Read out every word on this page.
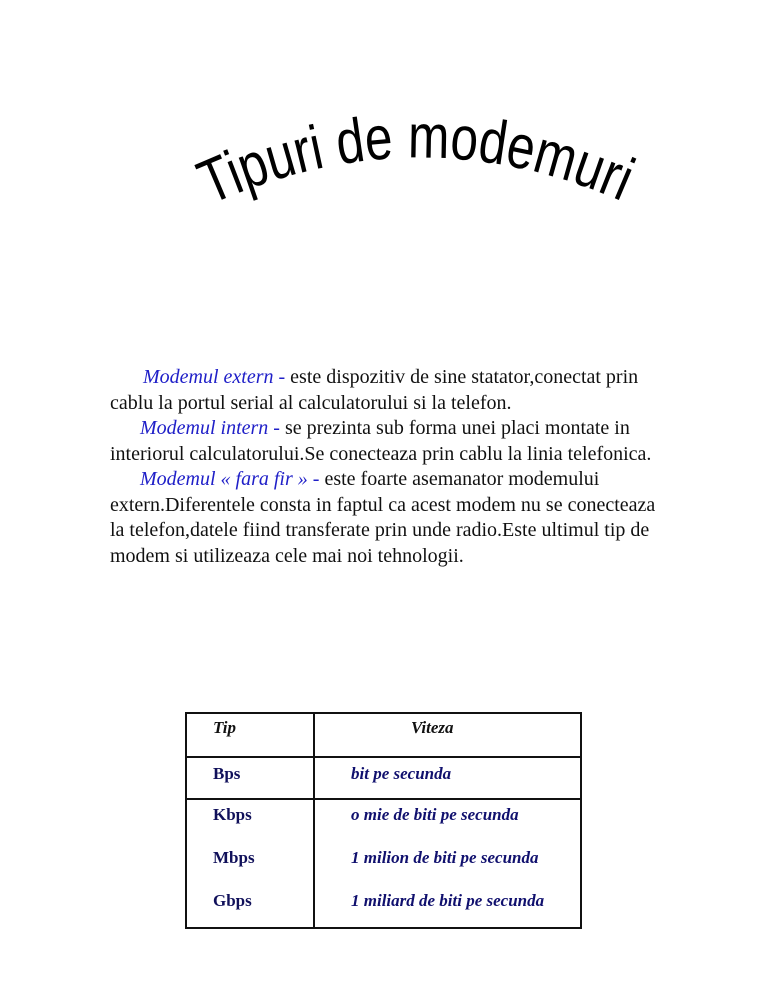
Tipuri de modemuri

Modemul extern - este dispozitiv de sine statator,conectat prin cablu la portul serial al calculatorului si la telefon.

Modemul intern - se prezinta sub forma unei placi montate in interiorul calculatorului.Se conecteaza prin cablu la linia telefonica.

Modemul « fara fir » - este foarte asemanator modemului extern.Diferentele consta in faptul ca acest modem nu se conecteaza la telefon,datele fiind transferate prin unde radio.Este ultimul tip de modem si utilizeaza cele mai noi tehnologii.

Tip	Viteza
Bps	bit pe secunda
Kbps	o mie de biti pe secunda
Mbps	1 milion de biti pe secunda
Gbps	1 miliard de biti pe secunda
